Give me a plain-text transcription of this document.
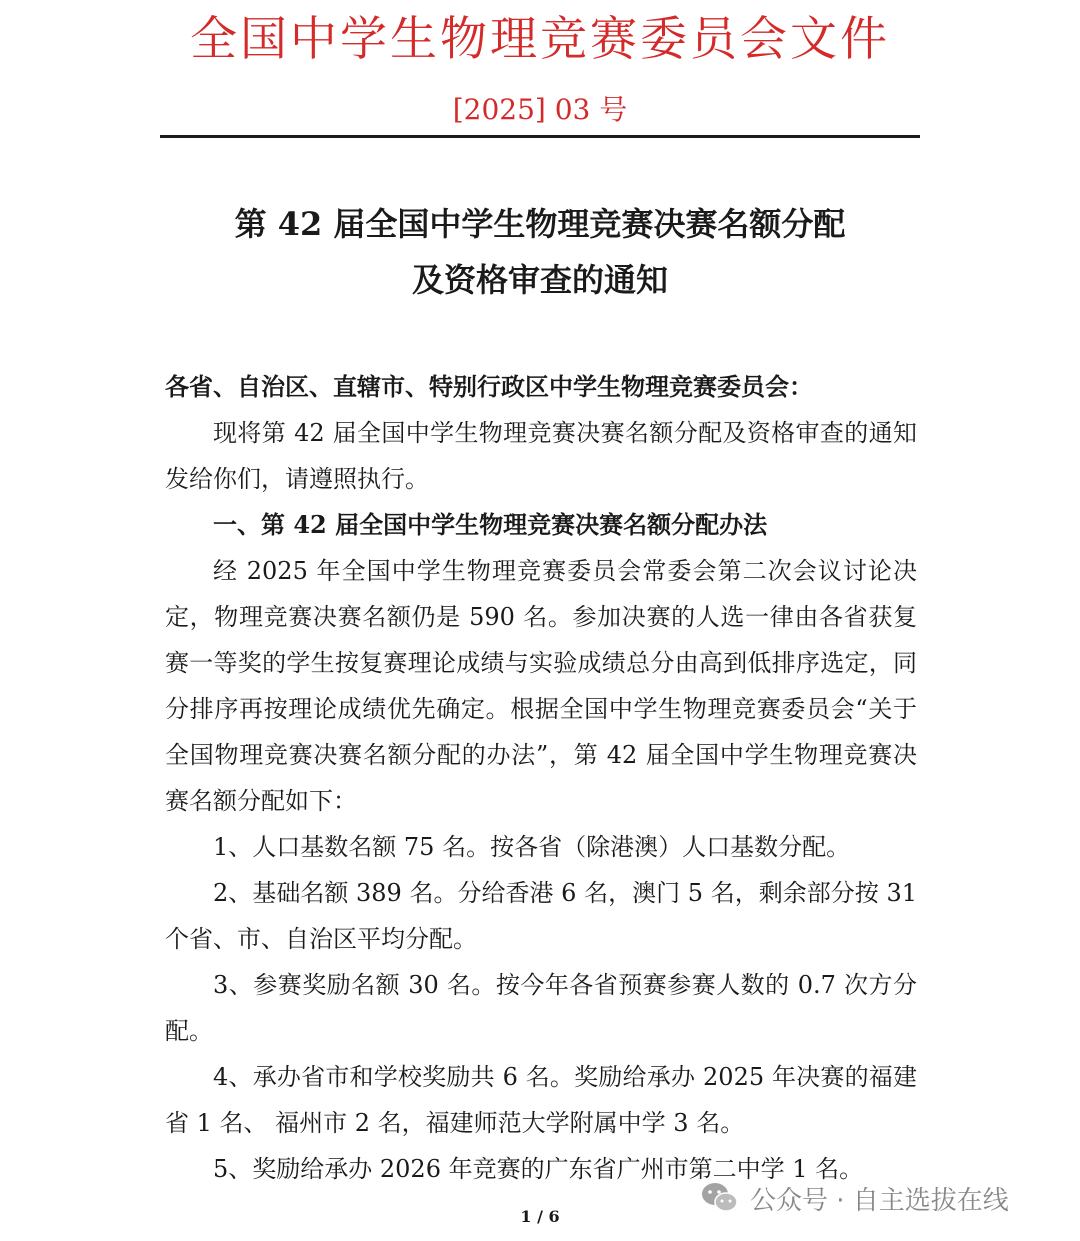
全国中学生物理竞赛委员会文件
[2025] 03 号
第 42 届全国中学生物理竞赛决赛名额分配
及资格审查的通知

各省、自治区、直辖市、特别行政区中学生物理竞赛委员会：

现将第 42 届全国中学生物理竞赛决赛名额分配及资格审查的通知发给你们，请遵照执行。

一、第 42 届全国中学生物理竞赛决赛名额分配办法

经 2025 年全国中学生物理竞赛委员会常委会第二次会议讨论决定，物理竞赛决赛名额仍是 590 名。参加决赛的人选一律由各省获复赛一等奖的学生按复赛理论成绩与实验成绩总分由高到低排序选定，同分排序再按理论成绩优先确定。根据全国中学生物理竞赛委员会“关于全国物理竞赛决赛名额分配的办法”，第 42 届全国中学生物理竞赛决赛名额分配如下：

1、人口基数名额 75 名。按各省（除港澳）人口基数分配。

2、基础名额 389 名。分给香港 6 名，澳门 5 名，剩余部分按 31 个省、市、自治区平均分配。

3、参赛奖励名额 30 名。按今年各省预赛参赛人数的 0.7 次方分配。

4、承办省市和学校奖励共 6 名。奖励给承办 2025 年决赛的福建省 1 名、 福州市 2 名，福建师范大学附属中学 3 名。

5、奖励给承办 2026 年竞赛的广东省广州市第二中学 1 名。

1 / 6
公众号 · 自主选拔在线
